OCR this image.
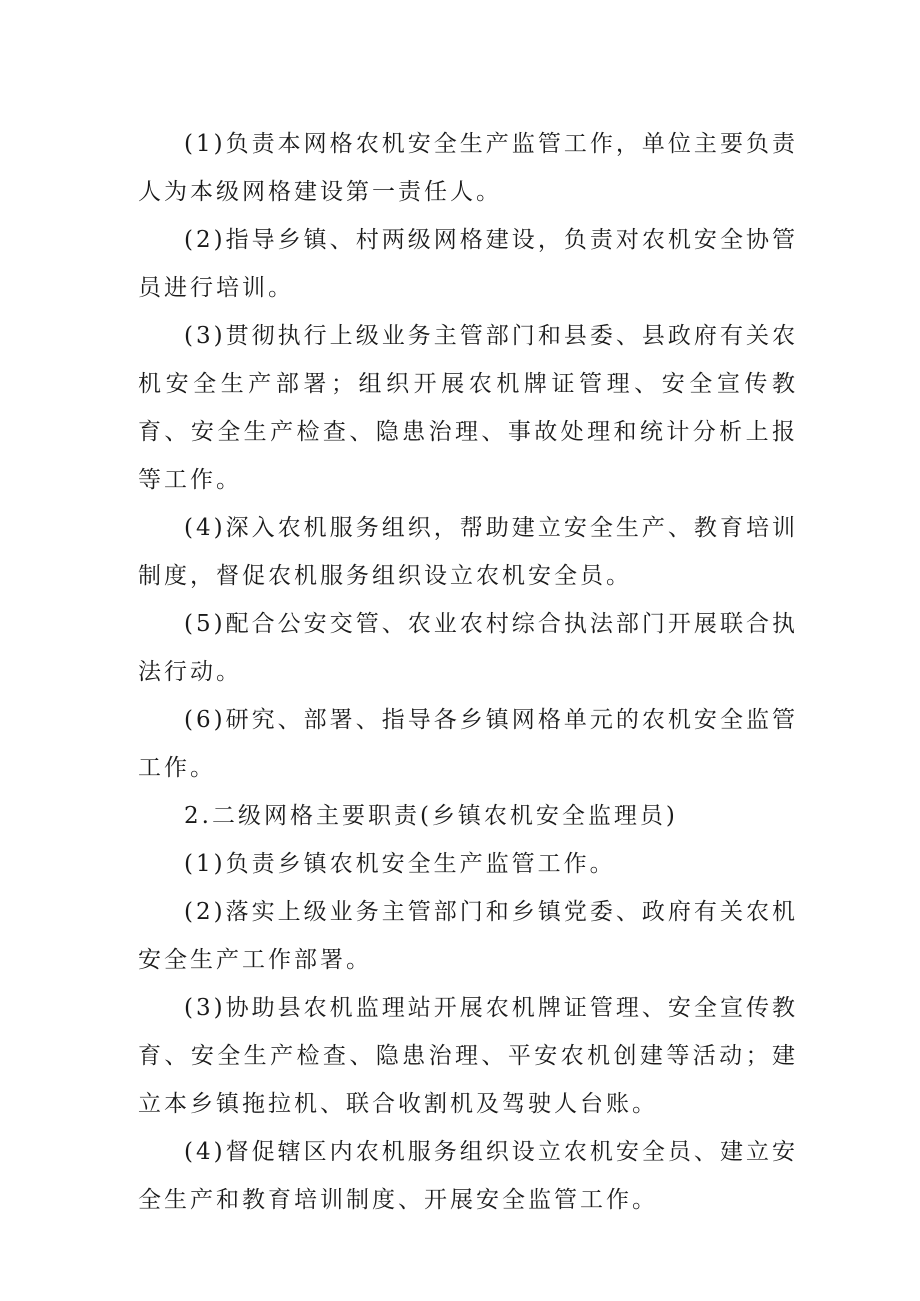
(1)负责本网格农机安全生产监管工作，单位主要负责人为本级网格建设第一责任人。

(2)指导乡镇、村两级网格建设，负责对农机安全协管员进行培训。

(3)贯彻执行上级业务主管部门和县委、县政府有关农机安全生产部署；组织开展农机牌证管理、安全宣传教育、安全生产检查、隐患治理、事故处理和统计分析上报等工作。

(4)深入农机服务组织，帮助建立安全生产、教育培训制度，督促农机服务组织设立农机安全员。

(5)配合公安交管、农业农村综合执法部门开展联合执法行动。

(6)研究、部署、指导各乡镇网格单元的农机安全监管工作。

2.二级网格主要职责(乡镇农机安全监理员)

(1)负责乡镇农机安全生产监管工作。

(2)落实上级业务主管部门和乡镇党委、政府有关农机安全生产工作部署。

(3)协助县农机监理站开展农机牌证管理、安全宣传教育、安全生产检查、隐患治理、平安农机创建等活动；建立本乡镇拖拉机、联合收割机及驾驶人台账。

(4)督促辖区内农机服务组织设立农机安全员、建立安全生产和教育培训制度、开展安全监管工作。
